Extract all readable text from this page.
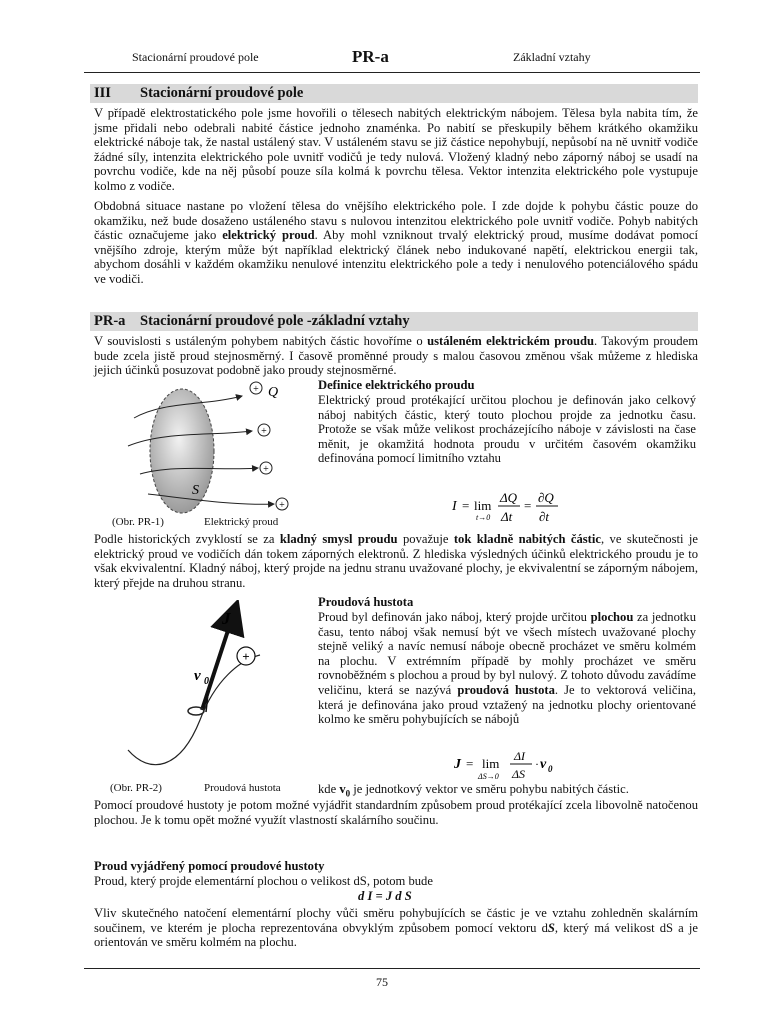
Stacionární proudové pole	PR-a	Základní vztahy
III Stacionární proudové pole
V případě elektrostatického pole jsme hovořili o tělesech nabitých elektrickým nábojem. Tělesa byla nabita tím, že jsme přidali nebo odebrali nabité částice jednoho znaménka. Po nabití se přeskupily během krátkého okamžiku elektrické náboje tak, že nastal ustálený stav. V ustáleném stavu se již částice nepohybují, nepůsobí na ně uvnitř vodiče žádné síly, intenzita elektrického pole uvnitř vodičů je tedy nulová. Vložený kladný nebo záporný náboj se usadí na povrchu vodiče, kde na něj působí pouze síla kolmá k povrchu tělesa. Vektor intenzita elektrického pole vystupuje kolmo z vodiče.
Obdobná situace nastane po vložení tělesa do vnějšího elektrického pole. I zde dojde k pohybu částic pouze do okamžiku, než bude dosaženo ustáleného stavu s nulovou intenzitou elektrického pole uvnitř vodiče. Pohyb nabitých částic označujeme jako elektrický proud. Aby mohl vzniknout trvalý elektrický proud, musíme dodávat pomocí vnějšího zdroje, kterým může být například elektrický článek nebo indukované napětí, elektrickou energii tak, abychom dosáhli v každém okamžiku nenulové intenzitu elektrického pole a tedy i nenulového potenciálového spádu ve vodiči.
PR-a Stacionární proudové pole -základní vztahy
V souvislosti s ustáleným pohybem nabitých částic hovoříme o ustáleném elektrickém proudu. Takovým proudem bude zcela jistě proud stejnosměrný. I časově proměnné proudy s malou časovou změnou však můžeme z hlediska jejich účinků posuzovat podobně jako proudy stejnosměrné.
+
+
+
+
Q
S
(Obr. PR-1)	Elektrický proud
Definice elektrického proudu
Elektrický proud protékající určitou plochou je definován jako celkový náboj nabitých částic, který touto plochou projde za jednotku času. Protože se však může velikost procházejícího náboje v závislosti na čase měnit, je okamžitá hodnota proudu v určitém časovém okamžiku definována pomocí limitního vztahu
I = lim
t→0
ΔQ
Δt
=
∂Q
∂t
Podle historických zvyklostí se za kladný smysl proudu považuje tok kladně nabitých částic, ve skutečnosti je elektrický proud ve vodičích dán tokem záporných elektronů. Z hlediska výsledných účinků elektrického proudu je to však ekvivalentní. Kladný náboj, který projde na jednu stranu uvažované plochy, je ekvivalentní se záporným nábojem, který přejde na druhou stranu.
+
J
v 0
(Obr. PR-2)	Proudová hustota
Proudová hustota
Proud byl definován jako náboj, který projde určitou plochou za jednotku času, tento náboj však nemusí být ve všech místech uvažované plochy stejně veliký a navíc nemusí náboje obecně procházet ve směru kolmém na plochu. V extrémním případě by mohly procházet ve směru rovnoběžném s plochou a proud by byl nulový. Z tohoto důvodu zavádíme veličinu, která se nazývá proudová hustota. Je to vektorová veličina, která je definována jako proud vztažený na jednotku plochy orientované kolmo ke směru pohybujících se nábojů
J = lim
ΔS→0
ΔI
ΔS
· v 0
kde $v_0$ je jednotkový vektor ve směru pohybu nabitých částic.
Pomocí proudové hustoty je potom možné vyjádřit standardním způsobem proud protékající zcela libovolně natočenou plochou. Je k tomu opět možné využít vlastností skalárního součinu.
Proud vyjádřený pomocí proudové hustoty
Proud, který projde elementární plochou o velikost dS, potom bude
d I = J d S
Vliv skutečného natočení elementární plochy vůči směru pohybujících se částic je ve vztahu zohledněn skalárním součinem, ve kterém je plocha reprezentována obvyklým způsobem pomocí vektoru dS, který má velikost dS a je orientován ve směru kolmém na plochu.
75
